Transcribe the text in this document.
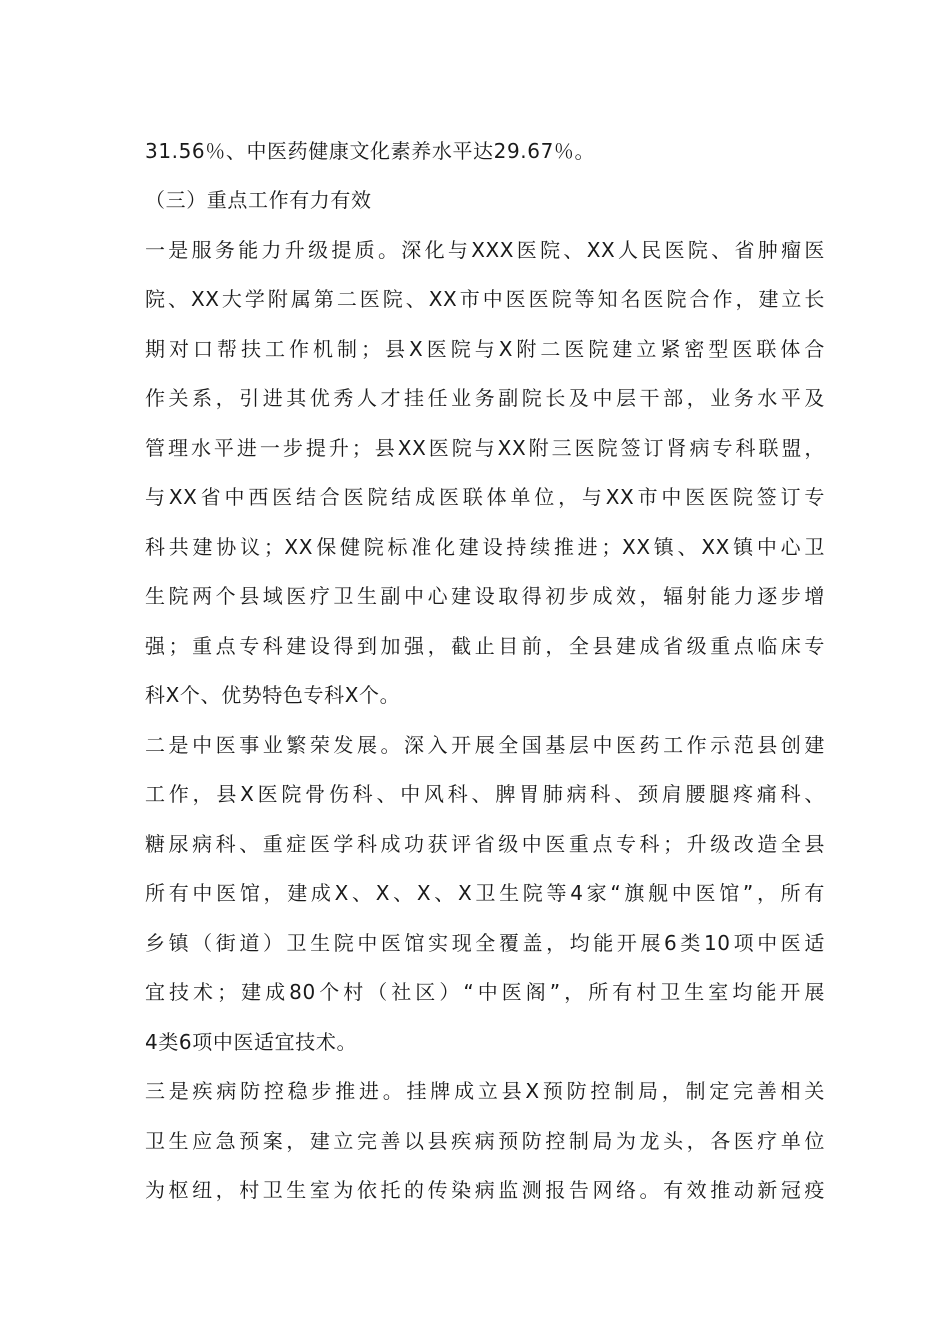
31.56％、中医药健康文化素养水平达29.67％。

（三）重点工作有力有效

一是服务能力升级提质。深化与XXX医院、XX人民医院、省肿瘤医

院、XX大学附属第二医院、XX市中医医院等知名医院合作，建立长

期对口帮扶工作机制；县X医院与X附二医院建立紧密型医联体合

作关系，引进其优秀人才挂任业务副院长及中层干部，业务水平及

管理水平进一步提升；县XX医院与XX附三医院签订肾病专科联盟，

与XX省中西医结合医院结成医联体单位，与XX市中医医院签订专

科共建协议；XX保健院标准化建设持续推进；XX镇、XX镇中心卫

生院两个县域医疗卫生副中心建设取得初步成效，辐射能力逐步增

强；重点专科建设得到加强，截止目前，全县建成省级重点临床专

科X个、优势特色专科X个。

二是中医事业繁荣发展。深入开展全国基层中医药工作示范县创建

工作，县X医院骨伤科、中风科、脾胃肺病科、颈肩腰腿疼痛科、

糖尿病科、重症医学科成功获评省级中医重点专科；升级改造全县

所有中医馆，建成X、X、X、X卫生院等4家“旗舰中医馆”，所有

乡镇（街道）卫生院中医馆实现全覆盖，均能开展6类10项中医适

宜技术；建成80个村（社区）“中医阁”，所有村卫生室均能开展

4类6项中医适宜技术。

三是疾病防控稳步推进。挂牌成立县X预防控制局，制定完善相关

卫生应急预案，建立完善以县疾病预防控制局为龙头，各医疗单位

为枢纽，村卫生室为依托的传染病监测报告网络。有效推动新冠疫
